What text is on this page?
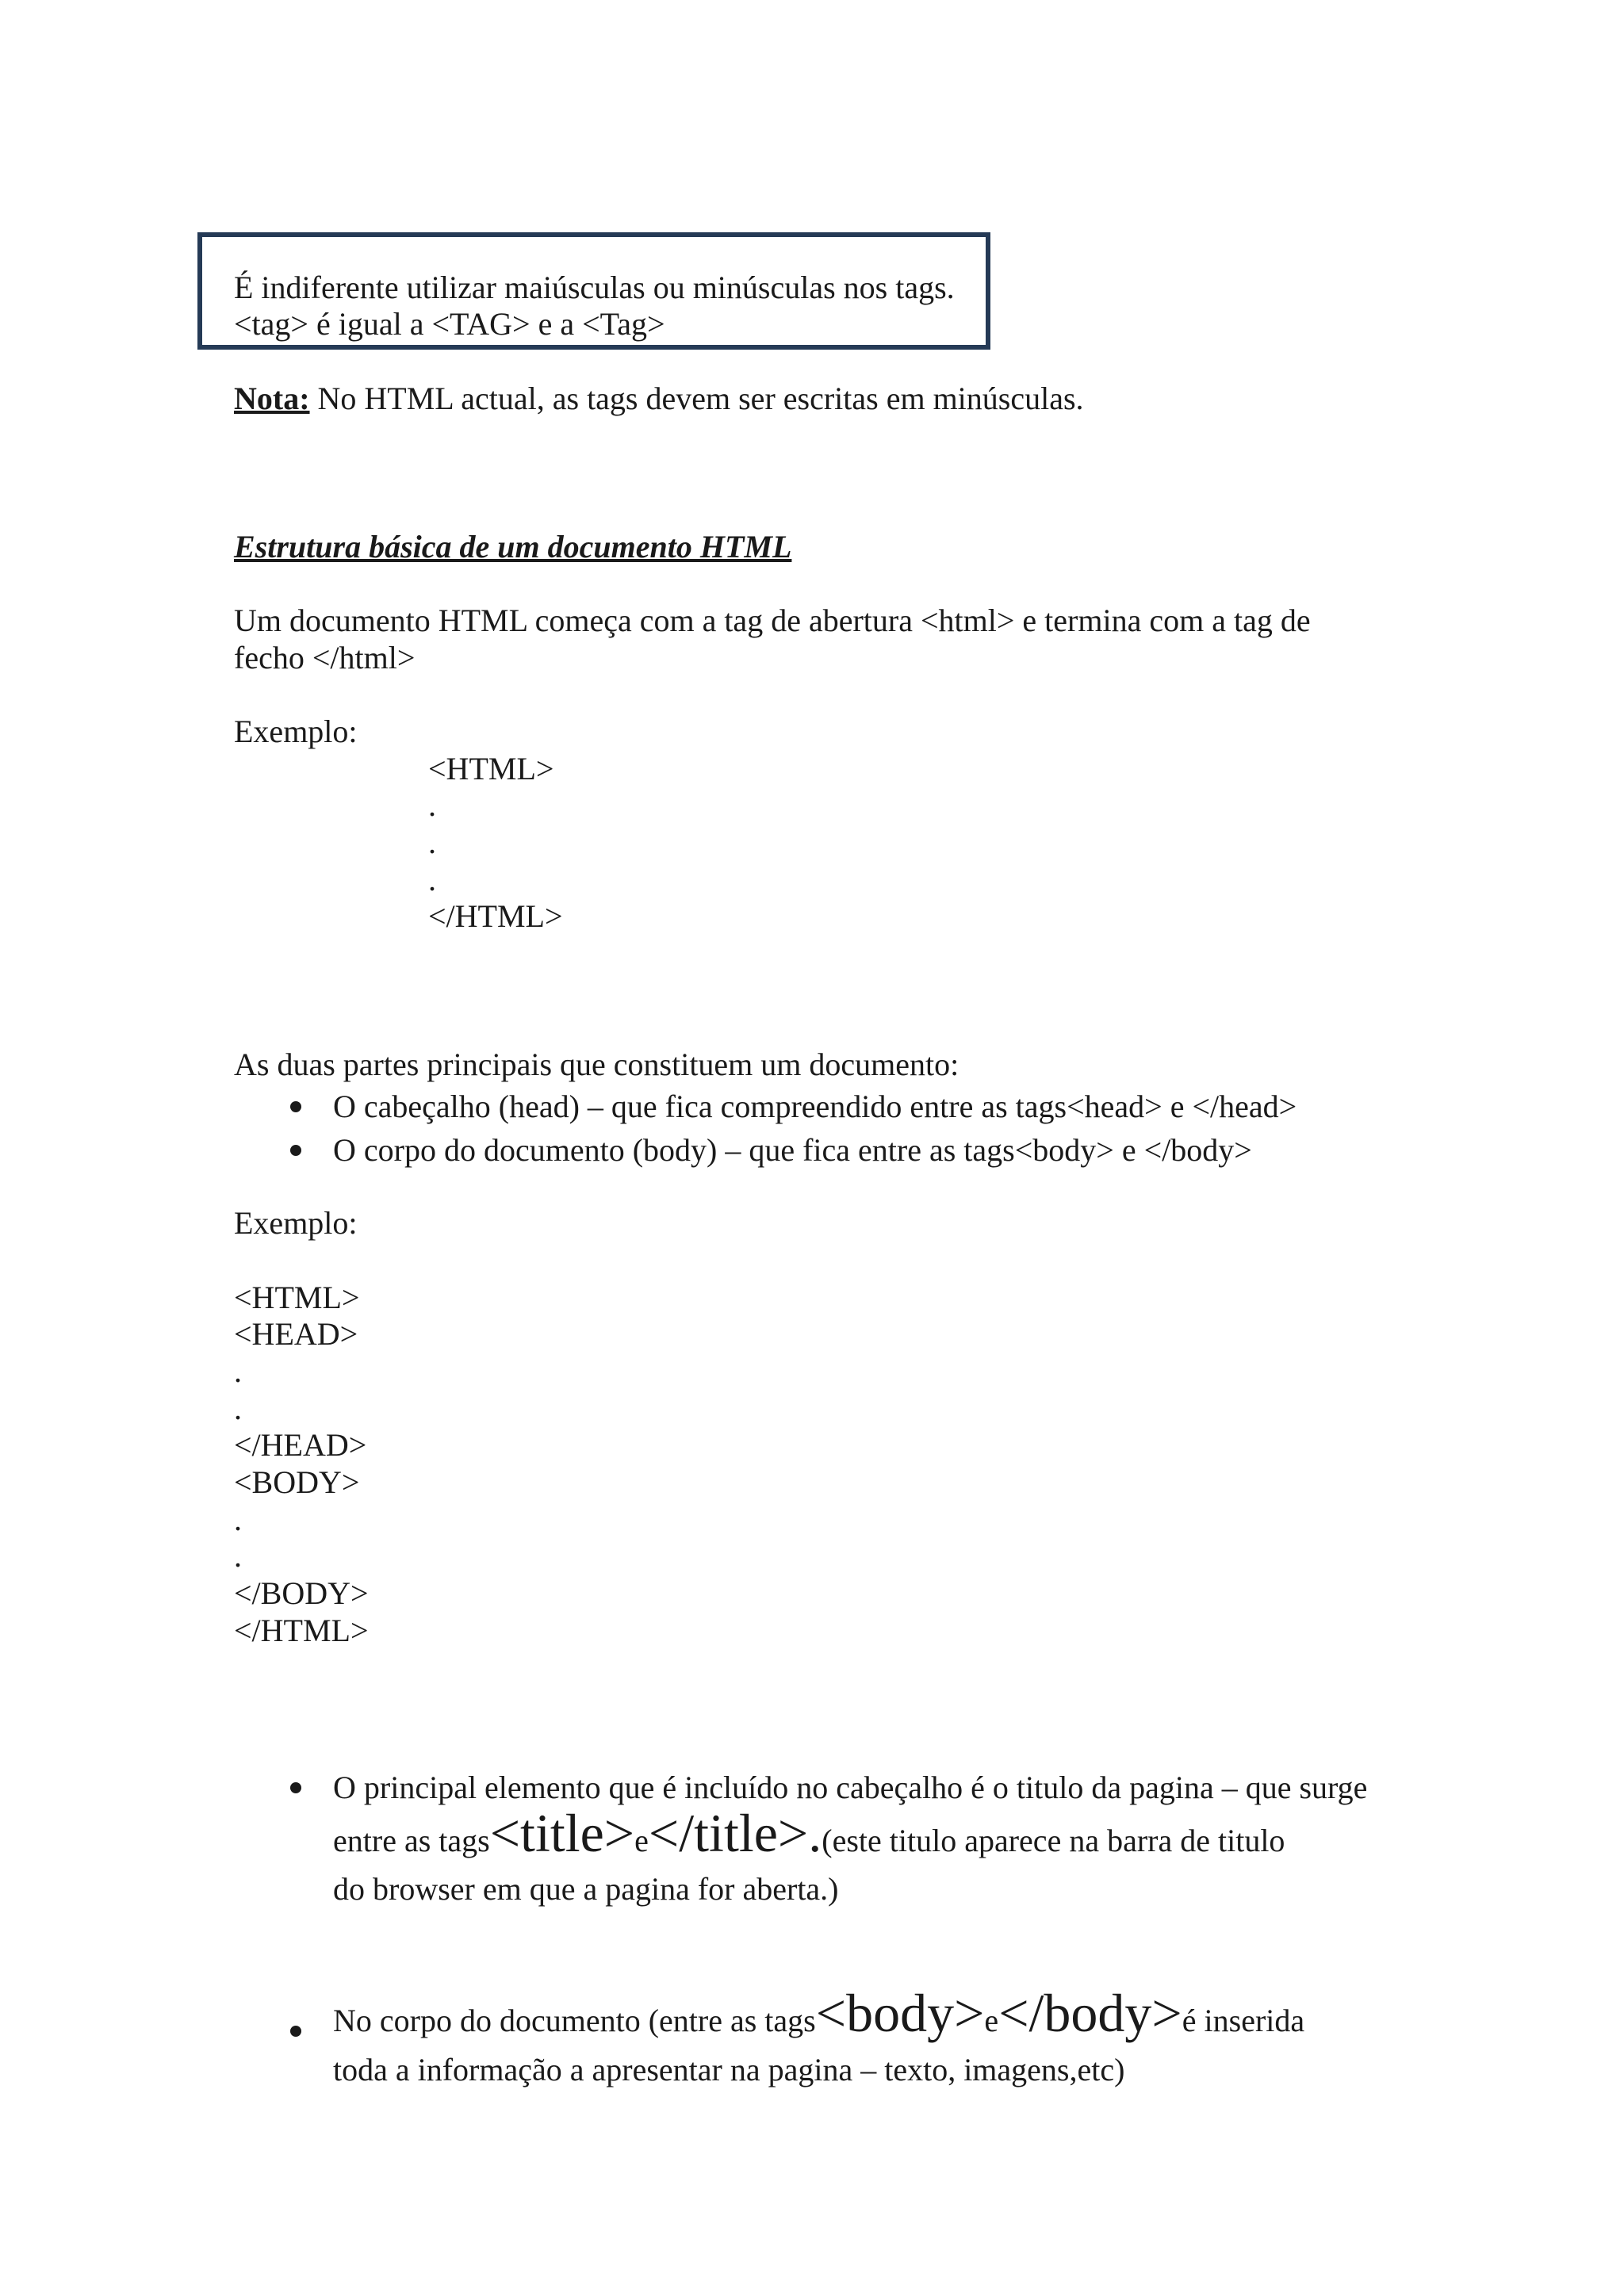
É indiferente utilizar maiúsculas ou minúsculas nos tags.
<tag> é igual a <TAG> e a <Tag>
Nota: No HTML actual, as tags devem ser escritas em minúsculas.
Estrutura básica de um documento HTML
Um documento HTML começa com a tag de abertura <html> e termina com a tag de
fecho </html>
Exemplo:
<HTML>
.
.
.
</HTML>
As duas partes principais que constituem um documento:
O cabeçalho (head) – que fica compreendido entre as tags<head> e </head>
O corpo do documento (body) – que fica entre as tags<body> e </body>
Exemplo:
<HTML>
<HEAD>
.
.
</HEAD>
<BODY>
.
.
</BODY>
</HTML>
O principal elemento que é incluído no cabeçalho é o titulo da pagina – que surge
entre as tags <title> e </title>. (este titulo aparece na barra de titulo
do browser em que a pagina for aberta.)
No corpo do documento (entre as tags <body> e </body> é inserida
toda a informação a apresentar na pagina – texto, imagens,etc)
